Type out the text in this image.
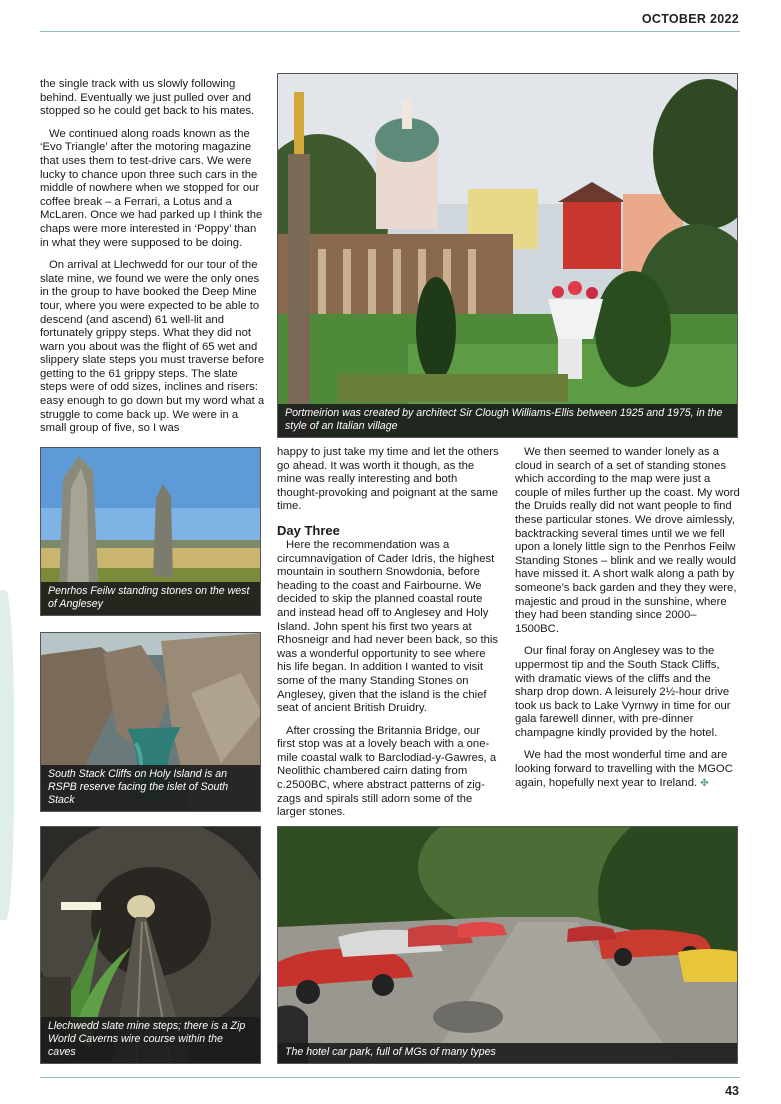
OCTOBER 2022

the single track with us slowly following behind. Eventually we just pulled over and stopped so he could get back to his mates.

We continued along roads known as the ‘Evo Triangle’ after the motoring magazine that uses them to test-drive cars. We were lucky to chance upon three such cars in the middle of nowhere when we stopped for our coffee break – a Ferrari, a Lotus and a McLaren. Once we had parked up I think the chaps were more interested in ‘Poppy’ than in what they were supposed to be doing.

On arrival at Llechwedd for our tour of the slate mine, we found we were the only ones in the group to have booked the Deep Mine tour, where you were expected to be able to descend (and ascend) 61 well-lit and fortunately grippy steps. What they did not warn you about was the flight of 65 wet and slippery slate steps you must traverse before getting to the 61 grippy steps. The slate steps were of odd sizes, inclines and risers: easy enough to go down but my word what a struggle to come back up. We were in a small group of five, so I was

Portmeirion was created by architect Sir Clough Williams-Ellis between 1925 and 1975, in the style of an Italian village
Penrhos Feilw standing stones on the west of Anglesey
South Stack Cliffs on Holy Island is an RSPB reserve facing the islet of South Stack
Llechwedd slate mine steps; there is a Zip World Caverns wire course within the caves

happy to just take my time and let the others go ahead. It was worth it though, as the mine was really interesting and both thought-provoking and poignant at the same time.

Day Three

Here the recommendation was a circumnavigation of Cader Idris, the highest mountain in southern Snowdonia, before heading to the coast and Fairbourne. We decided to skip the planned coastal route and instead head off to Anglesey and Holy Island. John spent his first two years at Rhosneigr and had never been back, so this was a wonderful opportunity to see where his life began. In addition I wanted to visit some of the many Standing Stones on Anglesey, given that the island is the chief seat of ancient British Druidry.

After crossing the Britannia Bridge, our first stop was at a lovely beach with a one-mile coastal walk to Barclodiad-y-Gawres, a Neolithic chambered cairn dating from c.2500BC, where abstract patterns of zig-zags and spirals still adorn some of the larger stones.

We then seemed to wander lonely as a cloud in search of a set of standing stones which according to the map were just a couple of miles further up the coast. My word the Druids really did not want people to find these particular stones. We drove aimlessly, backtracking several times until we we fell upon a lonely little sign to the Penrhos Feilw Standing Stones – blink and we really would have missed it. A short walk along a path by someone’s back garden and they they were, majestic and proud in the sunshine, where they had been standing since 2000–1500BC.

Our final foray on Anglesey was to the uppermost tip and the South Stack Cliffs, with dramatic views of the cliffs and the sharp drop down. A leisurely 2½-hour drive took us back to Lake Vyrnwy in time for our gala farewell dinner, with pre-dinner champagne kindly provided by the hotel.

We had the most wonderful time and are looking forward to travelling with the MGOC again, hopefully next year to Ireland. ✤

The hotel car park, full of MGs of many types
43
